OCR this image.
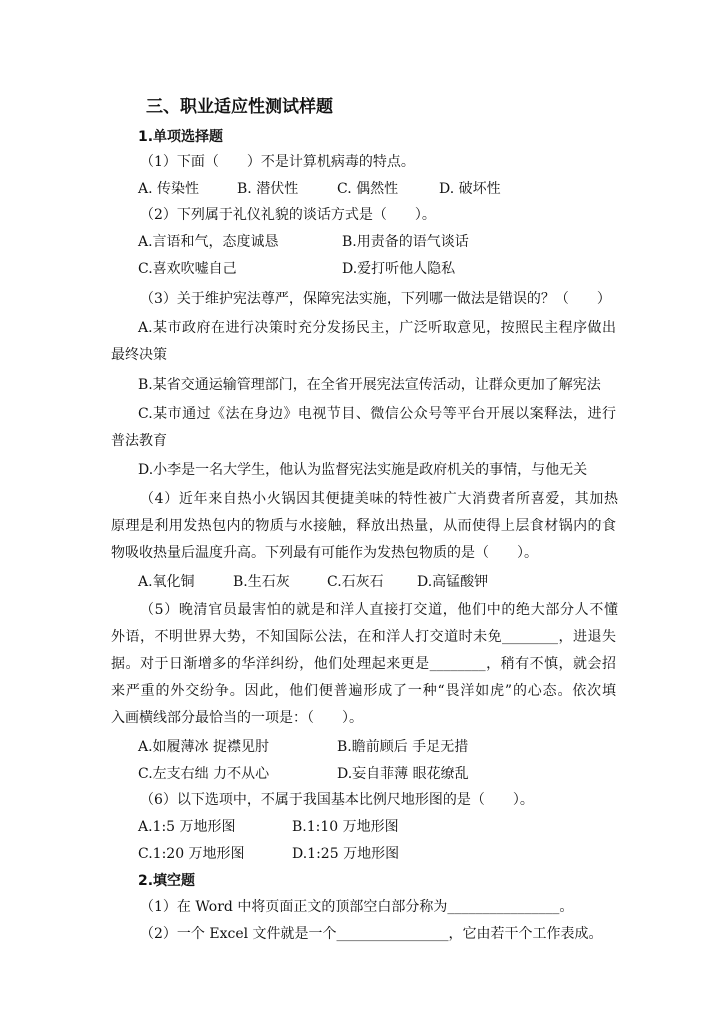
三、职业适应性测试样题
1.单项选择题
（1）下面（　　）不是计算机病毒的特点。
A. 传染性	B. 潜伏性	C. 偶然性	D. 破坏性
（2）下列属于礼仪礼貌的谈话方式是（　　）。
A.言语和气，态度诚恳	B.用责备的语气谈话
C.喜欢吹嘘自己	D.爱打听他人隐私
（3）关于维护宪法尊严，保障宪法实施，下列哪一做法是错误的？（　　）
A.某市政府在进行决策时充分发扬民主，广泛听取意见，按照民主程序做出
最终决策
B.某省交通运输管理部门，在全省开展宪法宣传活动，让群众更加了解宪法
C.某市通过《法在身边》电视节目、微信公众号等平台开展以案释法，进行
普法教育
D.小李是一名大学生，他认为监督宪法实施是政府机关的事情，与他无关
（4）近年来自热小火锅因其便捷美味的特性被广大消费者所喜爱，其加热
原理是利用发热包内的物质与水接触，释放出热量，从而使得上层食材锅内的食
物吸收热量后温度升高。下列最有可能作为发热包物质的是（　　）。
A.氧化铜	B.生石灰	C.石灰石 D.高锰酸钾
（5）晚清官员最害怕的就是和洋人直接打交道，他们中的绝大部分人不懂
外语，不明世界大势，不知国际公法，在和洋人打交道时未免________，进退失
据。对于日渐增多的华洋纠纷，他们处理起来更是________，稍有不慎，就会招
来严重的外交纷争。因此，他们便普遍形成了一种“畏洋如虎”的心态。依次填
入画横线部分最恰当的一项是：（　　）。
A.如履薄冰 捉襟见肘	B.瞻前顾后 手足无措
C.左支右绌 力不从心	D.妄自菲薄 眼花缭乱
（6）以下选项中，不属于我国基本比例尺地形图的是（　　）。
A.1:5 万地形图	B.1:10 万地形图
C.1:20 万地形图	D.1:25 万地形图
2.填空题
（1）在 Word 中将页面正文的顶部空白部分称为________________。
（2）一个 Excel 文件就是一个________________，它由若干个工作表成。
